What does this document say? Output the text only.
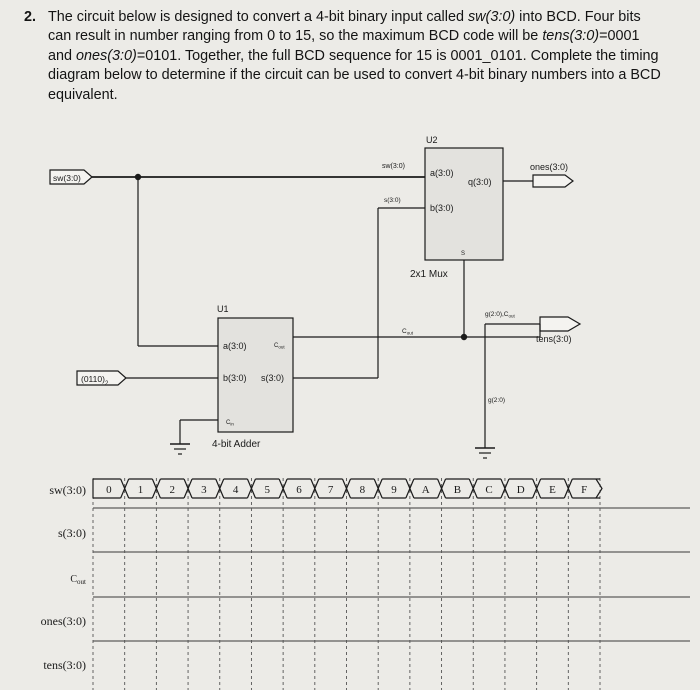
2. The circuit below is designed to convert a 4-bit binary input called sw(3:0) into BCD. Four bits can result in number ranging from 0 to 15, so the maximum BCD code will be tens(3:0)=0001 and ones(3:0)=0101. Together, the full BCD sequence for 15 is 0001_0101. Complete the timing diagram below to determine if the circuit can be used to convert 4-bit binary numbers into a BCD equivalent.
sw(3:0)
$(0110)_2$
U2
sw(3:0)
s(3:0)
a(3:0)
b(3:0)
q(3:0)
S
2x1 Mux
ones(3:0)
$g(2:0),C_{out}$
tens(3:0)
g(2:0)
$C_{out}$
U1
a(3:0)	$C_{out}$
b(3:0) s(3:0)
$C_{in}$
4-bit Adder
sw(3:0)
s(3:0)
$C_{out}$
ones(3:0)
tens(3:0)
0 1 2 3 4 5 6 7 8 9 A B C D E F
